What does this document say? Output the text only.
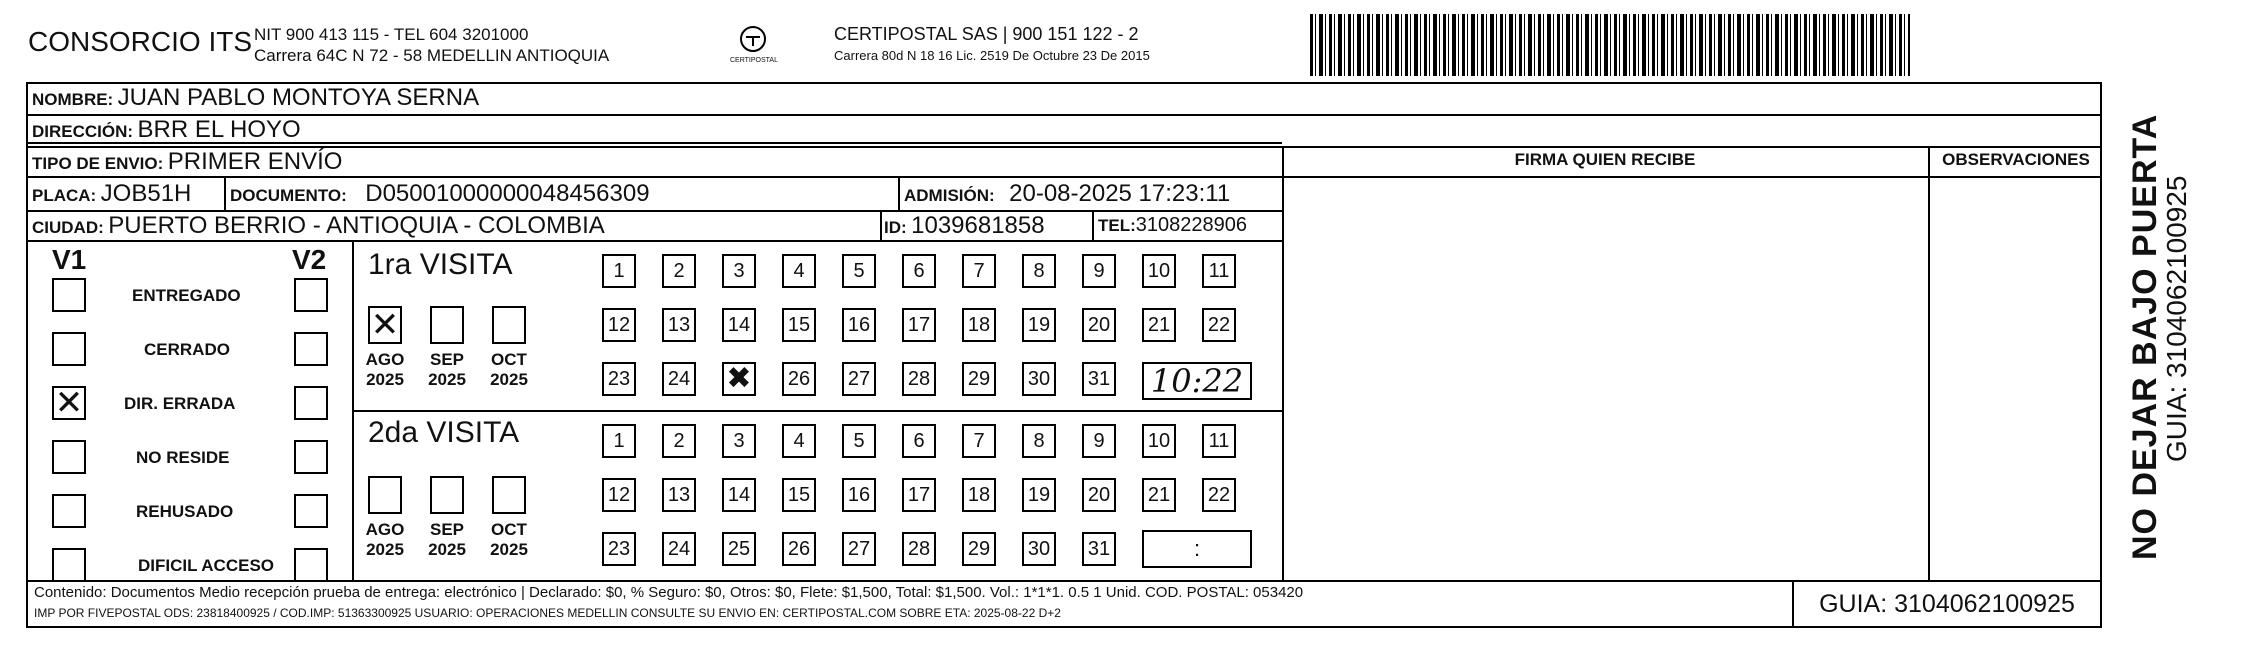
CONSORCIO ITS NIT 900 413 115 - TEL 604 3201000
Carrera 64C N 72 - 58 MEDELLIN ANTIOQUIA	CERTIPOSTAL
CERTIPOSTAL SAS | 900 151 122 - 2
Carrera 80d N 18 16 Lic. 2519 De Octubre 23 De 2015
NOMBRE: JUAN PABLO MONTOYA SERNA
DIRECCIÓN: BRR EL HOYO
TIPO DE ENVIO: PRIMER ENVÍO	FIRMA QUIEN RECIBE	OBSERVACIONES
PLACA: JOB51H DOCUMENTO: D05001000000048456309	ADMISIÓN: 20-08-2025 17:23:11
CIUDAD: PUERTO BERRIO - ANTIOQUIA - COLOMBIA	ID: 1039681858	TEL:3108228906
V1	V2
ENTREGADO
CERRADO
✕ DIR. ERRADA
NO RESIDE
REHUSADO
DIFICIL ACCESO
1ra VISITA
✕
AGO
2025
SEP
2025
OCT
2025
1	2	3	4	5	6	7	8	9	10	11
12 13 14 15 16 17 18 19 20 21 22
23 24 ✖ 26 27 28 29 30 31 10:22
2da VISITA
AGO
2025
SEP
2025
OCT
2025
1	2	3	4	5	6	7	8	9	10	11
12 13 14 15 16 17 18 19 20 21 22
23 24 25 26 27 28 29 30 31	:
Contenido: Documentos Medio recepción prueba de entrega: electrónico | Declarado: $0, % Seguro: $0, Otros: $0, Flete: $1,500, Total: $1,500. Vol.: 1*1*1. 0.5 1 Unid. COD. POSTAL: 053420
IMP POR FIVEPOSTAL ODS: 23818400925 / COD.IMP: 51363300925 USUARIO: OPERACIONES MEDELLIN CONSULTE SU ENVIO EN: CERTIPOSTAL.COM SOBRE ETA: 2025-08-22 D+2	GUIA: 3104062100925
NO DEJAR BAJO PUERTA
GUIA: 3104062100925
